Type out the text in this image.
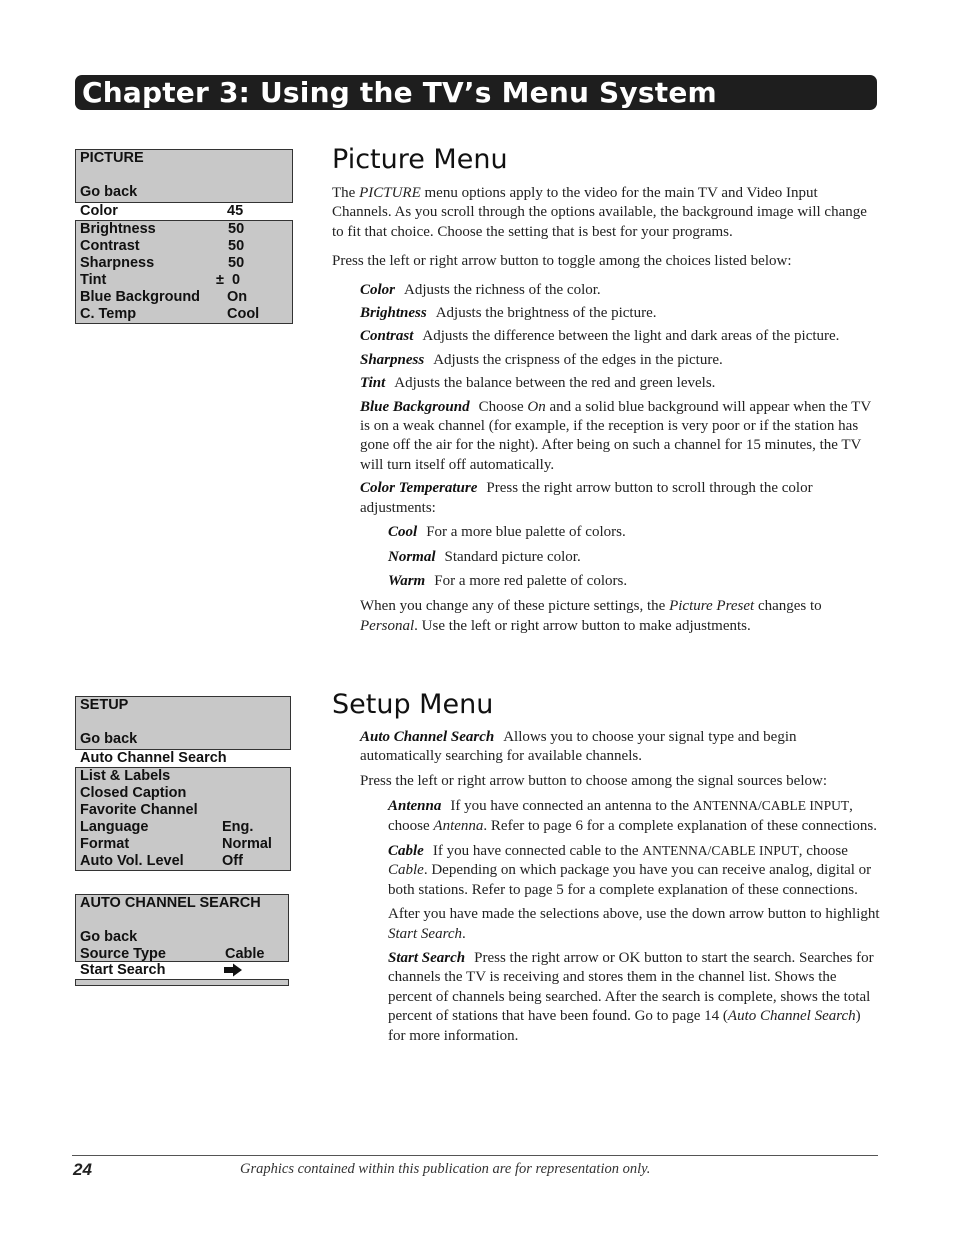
Chapter 3: Using the TV’s Menu System
PICTURE
Go back
Color	45
Brightness	50
Contrast	50
Sharpness	50
Tint	±  0
Blue Background On
C. Temp	Cool
SETUP
Go back
Auto Channel Search
List & Labels
Closed Caption
Favorite Channel
Language	Eng.
Format	Normal
Auto Vol. Level	Off
AUTO CHANNEL SEARCH
Go back
Source Type	Cable
Start Search
Picture Menu

The PICTURE menu options apply to the video for the main TV and Video Input Channels. As you scroll through the options available, the background image will change to fit that choice. Choose the setting that is best for your programs.

Press the left or right arrow button to toggle among the choices listed below:

Color Adjusts the richness of the color.

Brightness Adjusts the brightness of the picture.

Contrast Adjusts the difference between the light and dark areas of the picture.

Sharpness Adjusts the crispness of the edges in the picture.

Tint Adjusts the balance between the red and green levels.

Blue Background Choose On and a solid blue background will appear when the TV is on a weak channel (for example, if the reception is very poor or if the station has gone off the air for the night). After being on such a channel for 15 minutes, the TV will turn itself off automatically.

Color Temperature Press the right arrow button to scroll through the color adjustments:

Cool For a more blue palette of colors.

Normal Standard picture color.

Warm For a more red palette of colors.

When you change any of these picture settings, the Picture Preset changes to Personal. Use the left or right arrow button to make adjustments.

Setup Menu

Auto Channel Search Allows you to choose your signal type and begin automatically searching for available channels.

Press the left or right arrow button to choose among the signal sources below:

Antenna If you have connected an antenna to the ANTENNA/CABLE INPUT, choose Antenna. Refer to page 6 for a complete explanation of these connections.

Cable If you have connected cable to the ANTENNA/CABLE INPUT, choose Cable. Depending on which package you have you can receive analog, digital or both stations. Refer to page 5 for a complete explanation of these connections.

After you have made the selections above, use the down arrow button to highlight Start Search.

Start Search Press the right arrow or OK button to start the search. Searches for channels the TV is receiving and stores them in the channel list. Shows the percent of channels being searched. After the search is complete, shows the total percent of stations that have been found. Go to page 14 (Auto Channel Search) for more information.

24	Graphics contained within this publication are for representation only.
